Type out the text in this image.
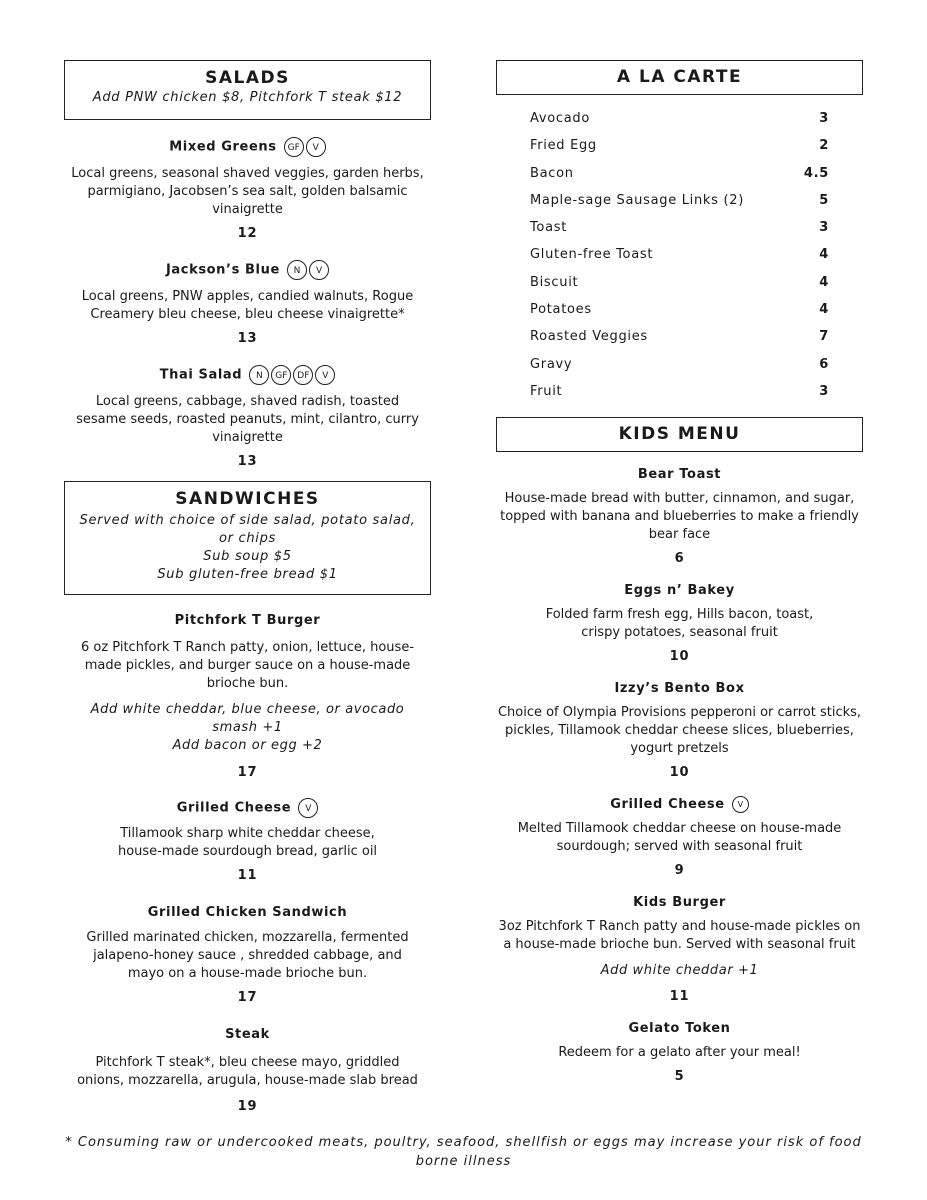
SALADS
Add PNW chicken $8, Pitchfork T steak $12
Mixed Greens GF V
Local greens, seasonal shaved veggies, garden herbs, parmigiano, Jacobsen’s sea salt, golden balsamic vinaigrette
12
Jackson’s Blue N V
Local greens, PNW apples, candied walnuts, Rogue Creamery bleu cheese, bleu cheese vinaigrette*
13
Thai Salad N GF DF V
Local greens, cabbage, shaved radish, toasted sesame seeds, roasted peanuts, mint, cilantro, curry vinaigrette
13
SANDWICHES
Served with choice of side salad, potato salad, or chips
Sub soup $5
Sub gluten-free bread $1
Pitchfork T Burger
6 oz Pitchfork T Ranch patty, onion, lettuce, house-made pickles, and burger sauce on a house-made brioche bun.
Add white cheddar, blue cheese, or avocado smash +1
Add bacon or egg +2
17
Grilled Cheese V
Tillamook sharp white cheddar cheese, house-made sourdough bread, garlic oil
11
Grilled Chicken Sandwich
Grilled marinated chicken, mozzarella, fermented jalapeno-honey sauce , shredded cabbage, and mayo on a house-made brioche bun.
17
Steak
Pitchfork T steak*, bleu cheese mayo, griddled onions, mozzarella, arugula, house-made slab bread
19
A LA CARTE
Avocado	3
Fried Egg	2
Bacon	4.5
Maple-sage Sausage Links (2)	5
Toast	3
Gluten-free Toast	4
Biscuit	4
Potatoes	4
Roasted Veggies	7
Gravy	6
Fruit	3
KIDS MENU
Bear Toast
House-made bread with butter, cinnamon, and sugar, topped with banana and blueberries to make a friendly bear face
6
Eggs n’ Bakey
Folded farm fresh egg, Hills bacon, toast, crispy potatoes, seasonal fruit
10
Izzy’s Bento Box
Choice of Olympia Provisions pepperoni or carrot sticks, pickles, Tillamook cheddar cheese slices, blueberries, yogurt pretzels
10
Grilled Cheese V
Melted Tillamook cheddar cheese on house-made sourdough; served with seasonal fruit
9
Kids Burger
3oz Pitchfork T Ranch patty and house-made pickles on a house-made brioche bun. Served with seasonal fruit
Add white cheddar +1
11
Gelato Token
Redeem for a gelato after your meal!
5
* Consuming raw or undercooked meats, poultry, seafood, shellfish or eggs may increase your risk of food borne illness
